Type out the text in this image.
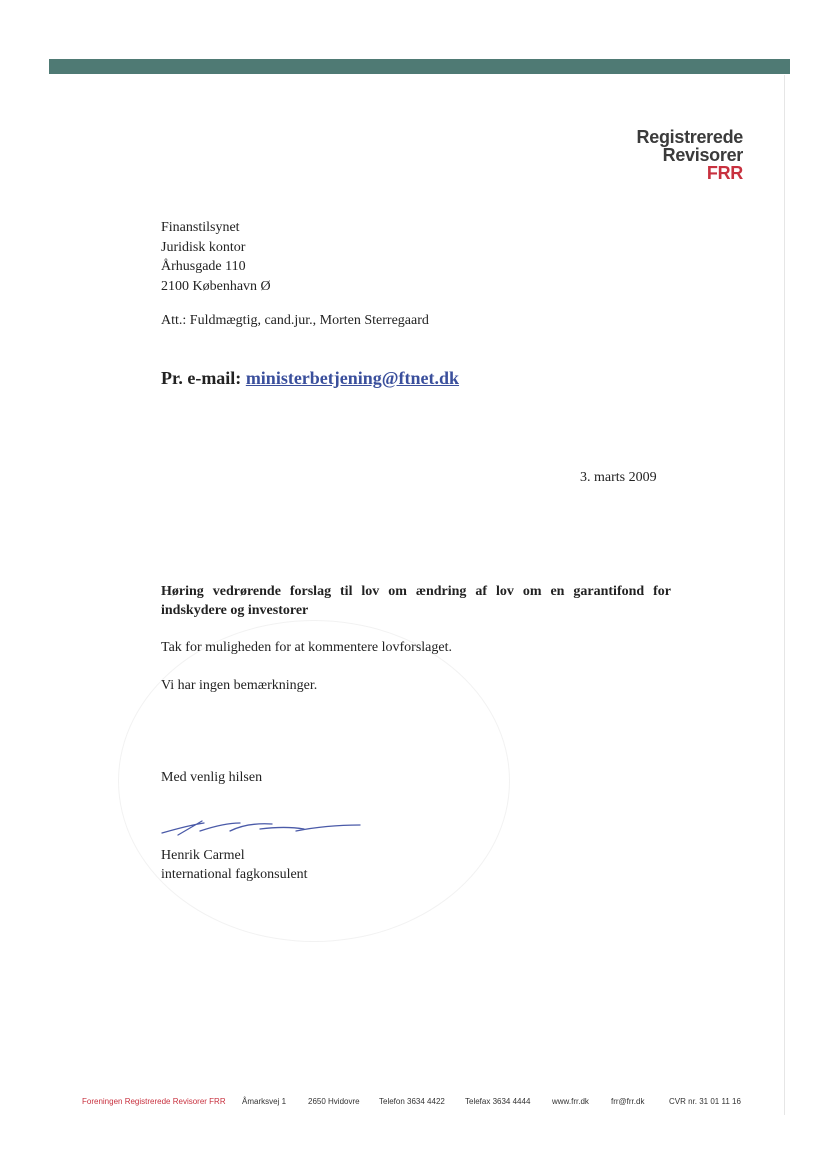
Registrerede
Revisorer
FRR
Finanstilsynet
Juridisk kontor
Århusgade 110
2100 København Ø
Att.: Fuldmægtig, cand.jur., Morten Sterregaard
Pr. e-mail: ministerbetjening@ftnet.dk
3. marts 2009
Høring vedrørende forslag til lov om ændring af lov om en garantifond for indskydere og investorer
Tak for muligheden for at kommentere lovforslaget.
Vi har ingen bemærkninger.
Med venlig hilsen
Henrik Carmel
international fagkonsulent
Foreningen Registrerede Revisorer FRR Åmarksvej 1	2650 Hvidovre Telefon 3634 4422	Telefax 3634 4444	www.frr.dk	frr@frr.dk	CVR nr. 31 01 11 16
